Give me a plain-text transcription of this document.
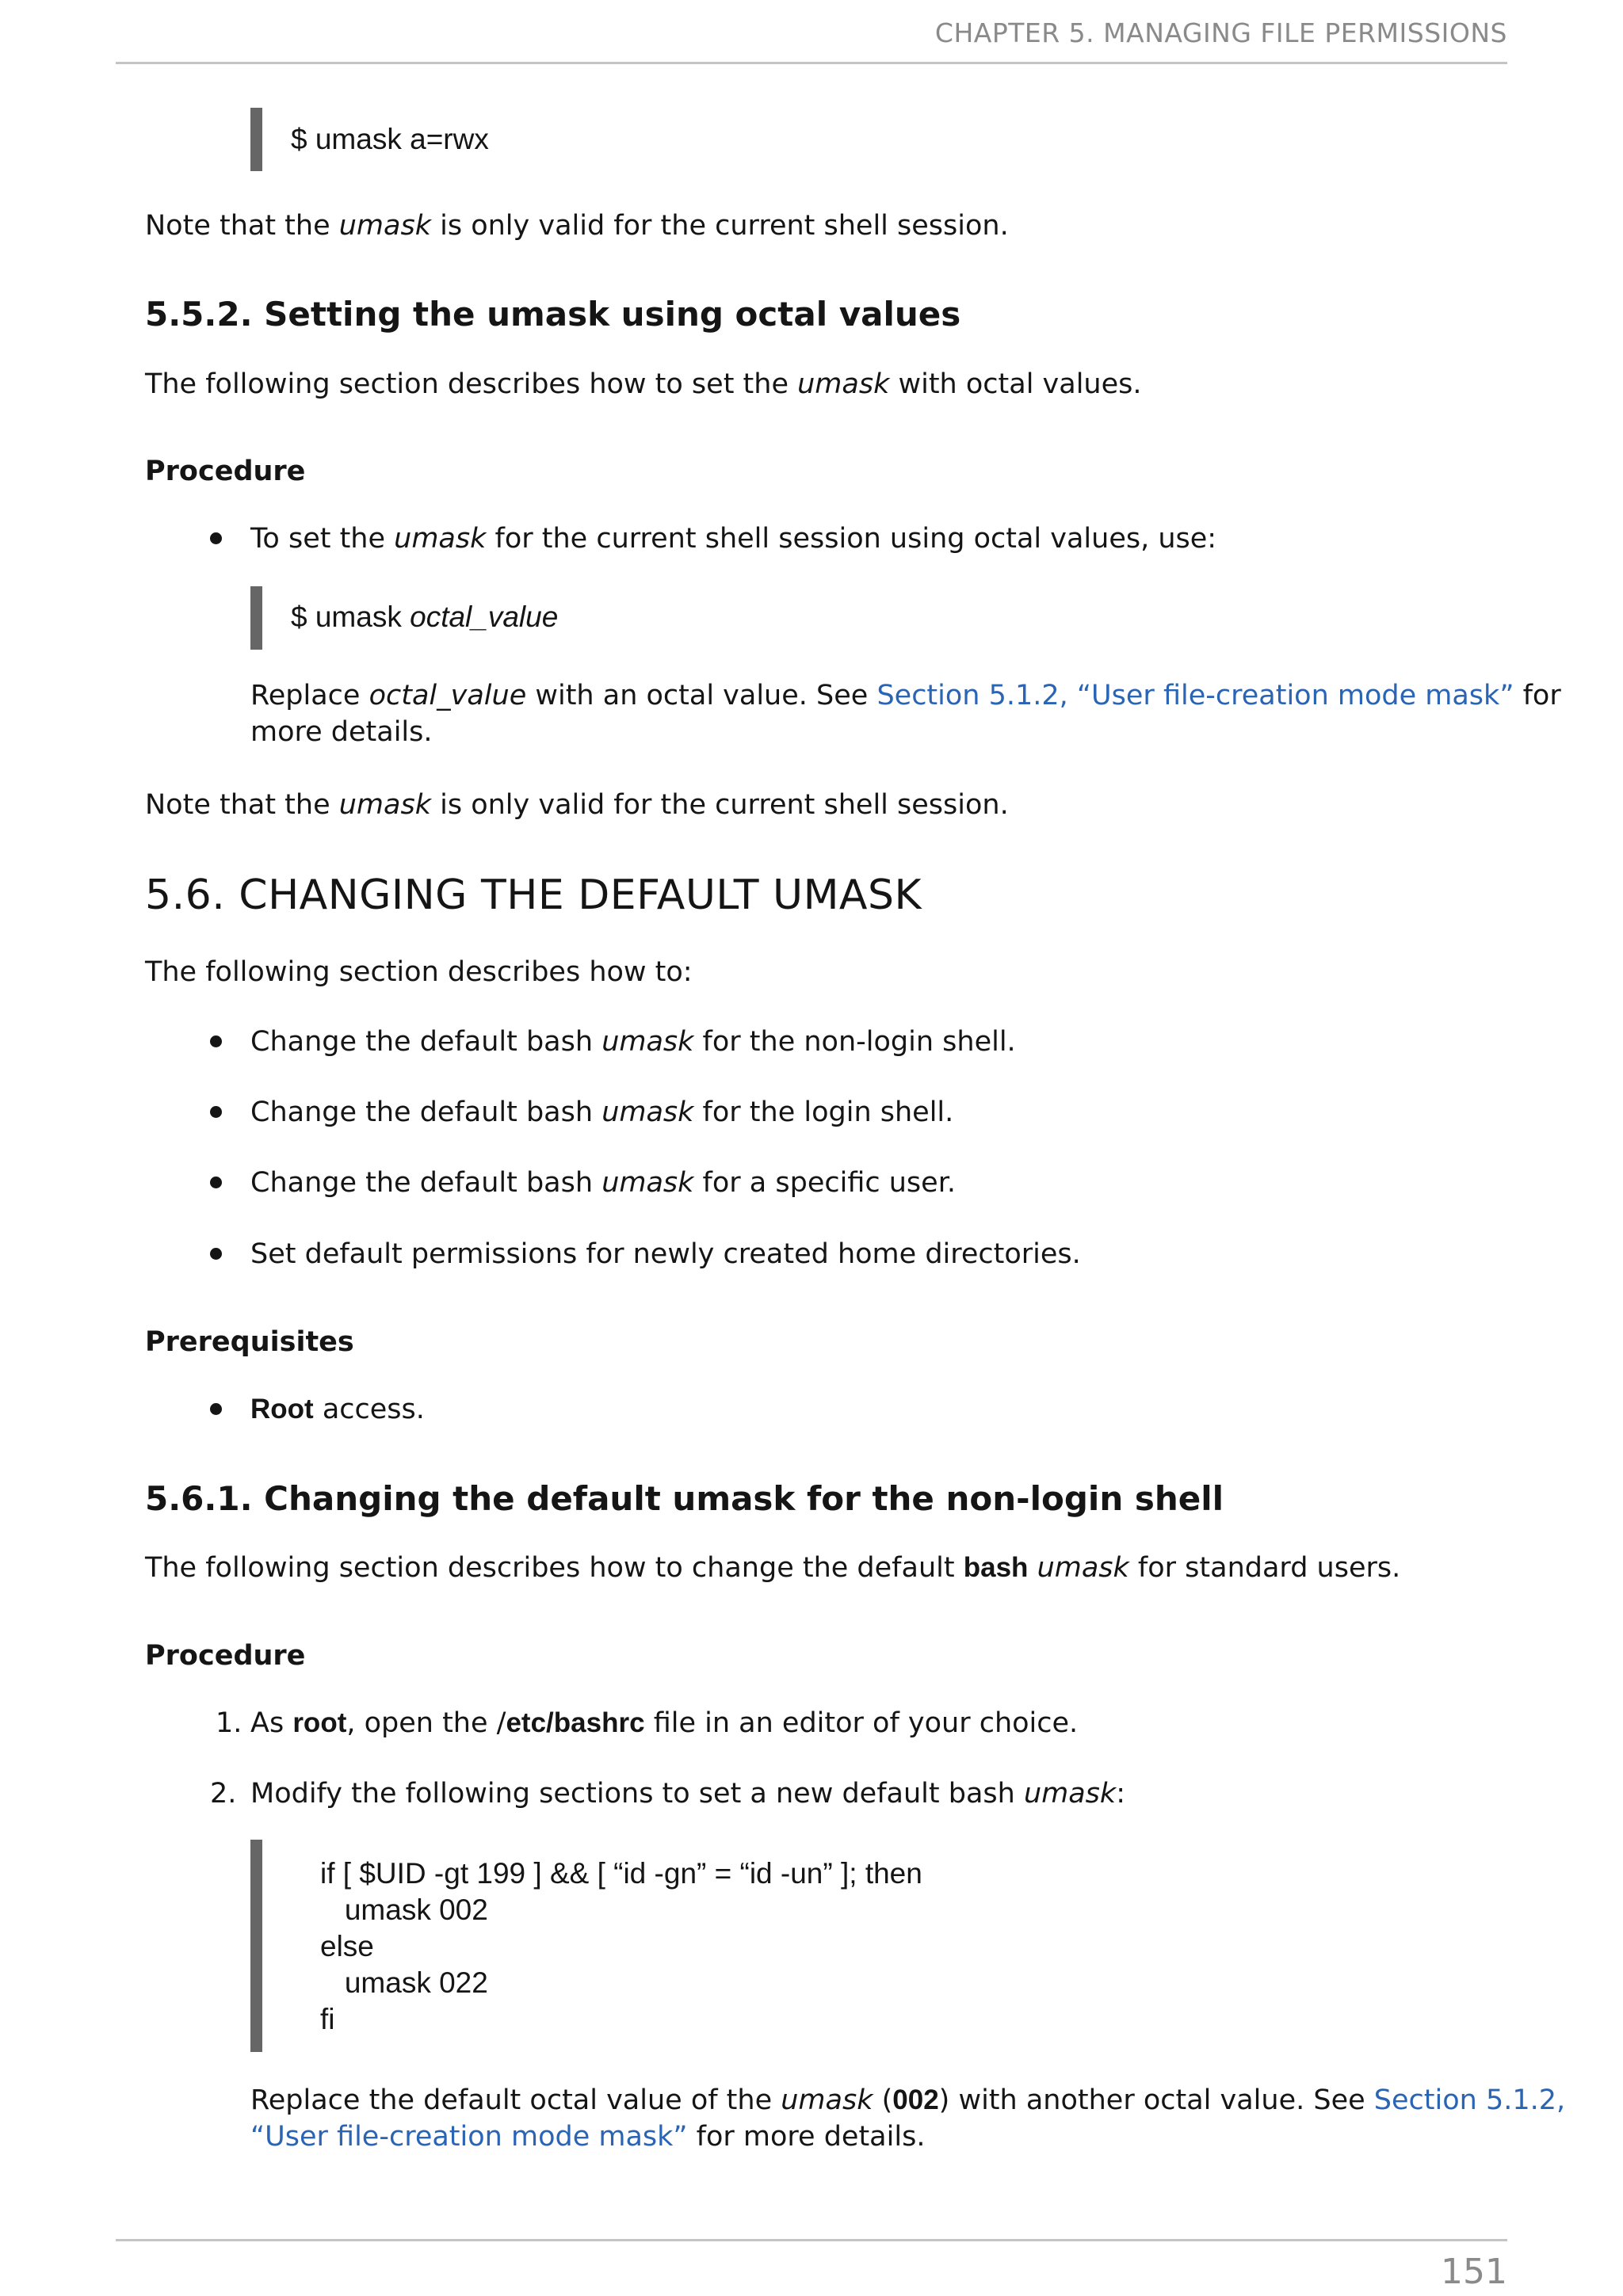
CHAPTER 5. MANAGING FILE PERMISSIONS
$ umask a=rwx
Note that the umask is only valid for the current shell session.
5.5.2. Setting the umask using octal values
The following section describes how to set the umask with octal values.
Procedure
To set the umask for the current shell session using octal values, use:
$ umask octal_value
Replace octal_value with an octal value. See Section 5.1.2, “User file-creation mode mask” for
more details.
Note that the umask is only valid for the current shell session.
5.6. CHANGING THE DEFAULT UMASK
The following section describes how to:
Change the default bash umask for the non-login shell.
Change the default bash umask for the login shell.
Change the default bash umask for a specific user.
Set default permissions for newly created home directories.
Prerequisites
Root access.
5.6.1. Changing the default umask for the non-login shell
The following section describes how to change the default bash umask for standard users.
Procedure
1. As root, open the /etc/bashrc file in an editor of your choice.
2. Modify the following sections to set a new default bash umask:
if [ $UID -gt 199 ] && [ “id -gn” = “id -un” ]; then
umask 002
else
umask 022
fi
Replace the default octal value of the umask (002) with another octal value. See Section 5.1.2,
“User file-creation mode mask” for more details.
151
